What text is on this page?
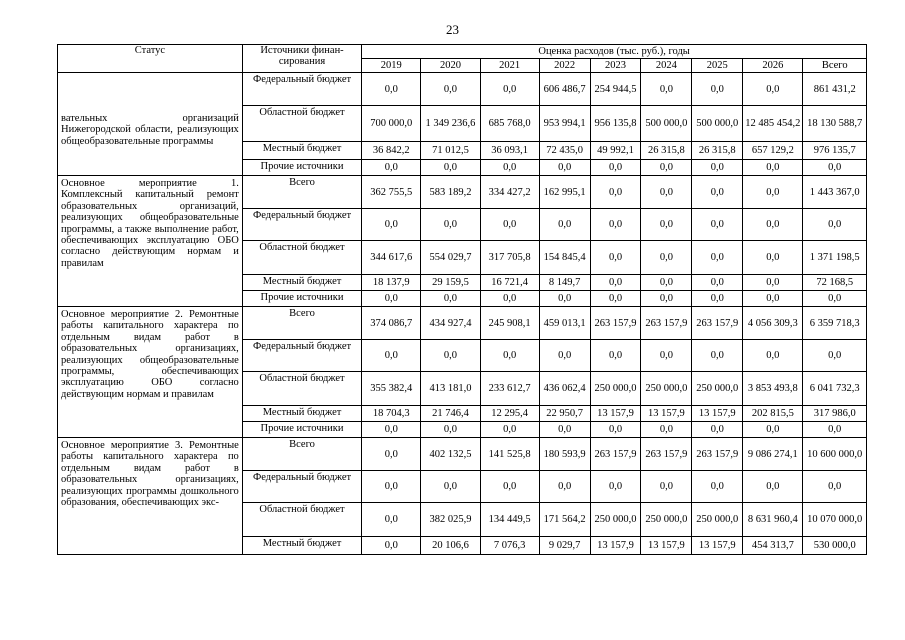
23
Статус	Источники финан-сирования	Оценка расходов (тыс. руб.), годы								
		2019	2020	2021	2022	2023	2024	2025	2026	Всего
вательных организаций Нижегородской области, реализующих общеобразовательные программы	Федеральный бюджет	0,0	0,0	0,0	606 486,7	254 944,5	0,0	0,0	0,0	861 431,2
	Областной бюджет	700 000,0	1 349 236,6	685 768,0	953 994,1	956 135,8	500 000,0	500 000,0	12 485 454,2	18 130 588,7
	Местный бюджет	36 842,2	71 012,5	36 093,1	72 435,0	49 992,1	26 315,8	26 315,8	657 129,2	976 135,7
	Прочие источники	0,0	0,0	0,0	0,0	0,0	0,0	0,0	0,0	0,0
Основное мероприятие 1. Комплексный капитальный ремонт образовательных организаций, реализующих общеобразовательные программы, а также выполнение работ, обеспечивающих эксплуатацию ОБО согласно действующим нормам и правилам	Всего	362 755,5	583 189,2	334 427,2	162 995,1	0,0	0,0	0,0	0,0	1 443 367,0
	Федеральный бюджет	0,0	0,0	0,0	0,0	0,0	0,0	0,0	0,0	0,0
	Областной бюджет	344 617,6	554 029,7	317 705,8	154 845,4	0,0	0,0	0,0	0,0	1 371 198,5
	Местный бюджет	18 137,9	29 159,5	16 721,4	8 149,7	0,0	0,0	0,0	0,0	72 168,5
	Прочие источники	0,0	0,0	0,0	0,0	0,0	0,0	0,0	0,0	0,0
Основное мероприятие 2. Ремонтные работы капитального характера по отдельным видам работ в образовательных организациях, реализующих общеобразовательные программы, обеспечивающих эксплуатацию ОБО согласно действующим нормам и правилам	Всего	374 086,7	434 927,4	245 908,1	459 013,1	263 157,9	263 157,9	263 157,9	4 056 309,3	6 359 718,3
	Федеральный бюджет	0,0	0,0	0,0	0,0	0,0	0,0	0,0	0,0	0,0
	Областной бюджет	355 382,4	413 181,0	233 612,7	436 062,4	250 000,0	250 000,0	250 000,0	3 853 493,8	6 041 732,3
	Местный бюджет	18 704,3	21 746,4	12 295,4	22 950,7	13 157,9	13 157,9	13 157,9	202 815,5	317 986,0
	Прочие источники	0,0	0,0	0,0	0,0	0,0	0,0	0,0	0,0	0,0
Основное мероприятие 3. Ремонтные работы капитального характера по отдельным видам работ в образовательных организациях, реализующих программы дошкольного образования, обеспечивающих экс-	Всего	0,0	402 132,5	141 525,8	180 593,9	263 157,9	263 157,9	263 157,9	9 086 274,1	10 600 000,0
	Федеральный бюджет	0,0	0,0	0,0	0,0	0,0	0,0	0,0	0,0	0,0
	Областной бюджет	0,0	382 025,9	134 449,5	171 564,2	250 000,0	250 000,0	250 000,0	8 631 960,4	10 070 000,0
	Местный бюджет	0,0	20 106,6	7 076,3	9 029,7	13 157,9	13 157,9	13 157,9	454 313,7	530 000,0
